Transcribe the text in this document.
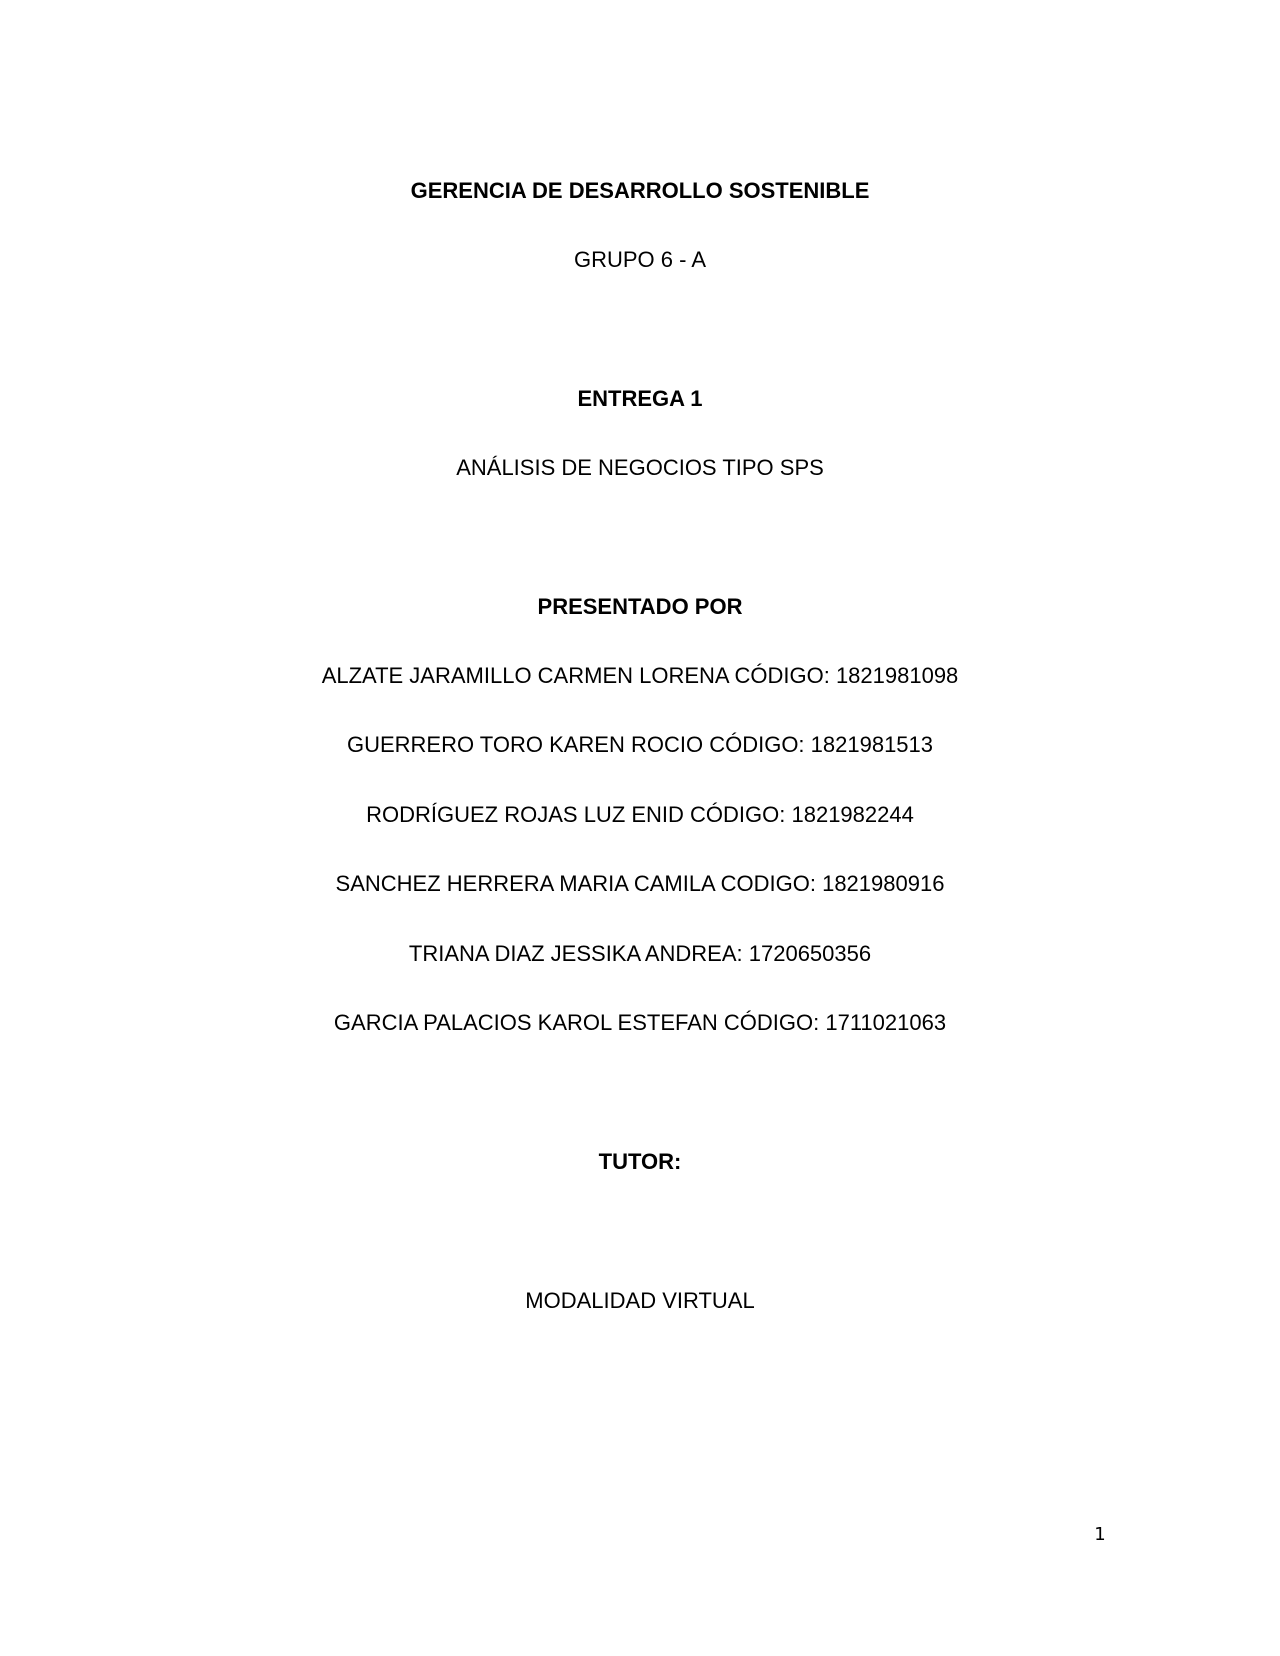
GERENCIA DE DESARROLLO SOSTENIBLE
GRUPO 6 - A
ENTREGA 1
ANÁLISIS DE NEGOCIOS TIPO SPS
PRESENTADO POR
ALZATE JARAMILLO CARMEN LORENA CÓDIGO: 1821981098
GUERRERO TORO KAREN ROCIO CÓDIGO: 1821981513
RODRÍGUEZ ROJAS LUZ ENID CÓDIGO: 1821982244
SANCHEZ HERRERA MARIA CAMILA CODIGO: 1821980916
TRIANA DIAZ JESSIKA ANDREA: 1720650356
GARCIA PALACIOS KAROL ESTEFAN CÓDIGO: 1711021063
TUTOR:
MODALIDAD VIRTUAL
1
